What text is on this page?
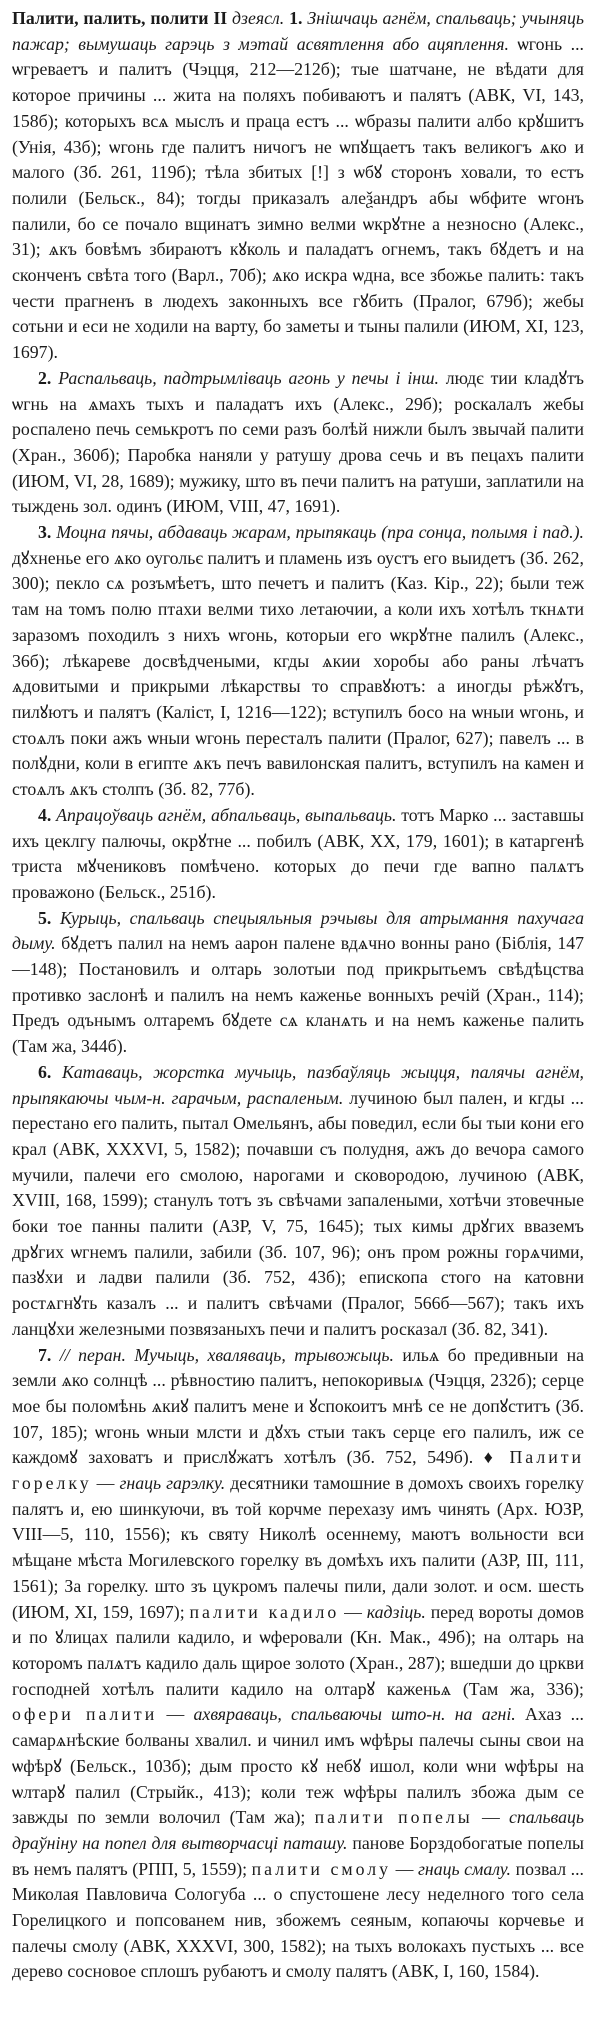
Палити, палить, полити II дзеясл. 1. Знішчаць агнём, спальваць; учыняць пажар; вымушаць гарэць з мэтай асвятлення або ацяплення. ѡгонь ... ѡгреваетъ и палитъ (Чэцця, 212—212б); тые шатчане, не вѣдати для которое причины ... жита на поляхъ побиваютъ и палятъ (АВК, VI, 143, 158б); которыхъ всѧ мыслъ и праца естъ ... ѡбразы палити албо крꙋшитъ (Унія, 43б); ѡгонь где палитъ ничогъ не ѡпꙋщаетъ такъ великогъ ѧко и малого (Зб. 261, 119б); тѣла збитых [!] з ѡбꙋ сторонъ ховали, то естъ полили (Бельск., 84); тогды приказалъ алеѯандръ абы ѡбфите ѡгонъ палили, бо се почало вщинатъ зимно велми ѡкрꙋтне а незносно (Алекс., 31); ѧкъ бовѣмъ збираютъ кꙋколь и паладатъ огнемъ, такъ бꙋдетъ и на сконченъ свѣта того (Варл., 70б); ѧко искра ѡдна, все збожье палить: такъ чести прагненъ в людехъ законныхъ все гꙋбить (Пралог, 679б); жебы сотьни и еси не ходили на варту, бо заметы и тыны палили (ИЮМ, XI, 123, 1697).

2. Распальваць, падтрымліваць агонь у печы і інш. людє тии кладꙋтъ ѡгнь на ѧмахъ тыхъ и паладатъ ихъ (Алекс., 29б); роскалалъ жебы роспалено печь семькротъ по семи разъ болѣй нижли былъ звычай палити (Хран., 360б); Паробка наняли у ратушу дрова сечь и въ пецахъ палити (ИЮМ, VI, 28, 1689); мужику, што въ печи палитъ на ратуши, заплатили на тыждень зол. одинъ (ИЮМ, VIII, 47, 1691).

3. Моцна пячы, абдаваць жарам, прыпякаць (пра сонца, полымя і пад.). дꙋхненье его ѧко оугольє палитъ и пламень изъ оустъ его выидетъ (Зб. 262, 300); пекло сѧ розъмѣетъ, што печетъ и палитъ (Каз. Кір., 22); были теж там на томъ полю птахи велми тихо летаючии, а коли ихъ хотѣлъ ткнѧти заразомъ походилъ з нихъ ѡгонь, которыи его ѡкрꙋтне палилъ (Алекс., 36б); лѣкареве досвѣдчеными, кгды ѧкии хоробы або раны лѣчатъ ѧдовитыми и прикрыми лѣкарствы то справꙋютъ: а иногды рѣжꙋтъ, пилꙋютъ и палятъ (Каліст, I, 1216—122); вступилъ босо на ѡныи ѡгонь, и стоѧлъ поки ажъ ѡныи ѡгонь пересталъ палити (Пралог, 627); павелъ ... в полꙋдни, коли в египте ѧкъ печъ вавилонская палитъ, вступилъ на камен и стоѧлъ ѧкъ столпъ (Зб. 82, 77б).

4. Апрацоўваць агнём, абпальваць, выпальваць. тотъ Марко ... заставшы ихъ цеклгу палючы, окрꙋтне ... побилъ (АВК, XX, 179, 1601); в катаргенѣ триста мꙋчениковъ помѣчено. которых до печи где вапно палѧтъ проважоно (Бельск., 251б).

5. Курыць, спальваць спецыяльныя рэчывы для атрымання пахучага дыму. бꙋдетъ палил на немъ аарон палене вдѧчно вонны рано (Біблія, 147—148); Постановилъ и олтарь золотыи под прикрытьемъ свѣдѣцства противко заслонѣ и палилъ на немъ каженье вонныхъ речій (Хран., 114); Предъ одънымъ олтаремъ бꙋдете сѧ кланѧть и на немъ каженье палить (Там жа, 344б).

6. Катаваць, жорстка мучыць, пазбаўляць жыцця, палячы агнём, прыпякаючы чым-н. гарачым, распаленым. лучиною был пален, и кгды ... перестано его палить, пытал Омельянъ, абы поведил, если бы тыи кони его крал (АВК, XXXVI, 5, 1582); почавши съ полудня, ажъ до вечора самого мучили, палечи его смолою, нарогами и сковородою, лучиною (АВК, XVIII, 168, 1599); станулъ тотъ зъ свѣчами запалеными, хотѣчи зтовечные боки тое панны палити (АЗР, V, 75, 1645); тых кимы дрꙋгих вваземъ дрꙋгих ѡгнемъ палили, забили (Зб. 107, 96); онъ пром рожны горѧчими, пазꙋхи и ладви палили (Зб. 752, 43б); епископа стого на катовни ростѧгнꙋть казалъ ... и палитъ свѣчами (Пралог, 566б—567); такъ ихъ ланцꙋхи железными позвязаныхъ печи и палитъ росказал (Зб. 82, 341).

7. // перан. Мучыць, хваляваць, трывожыць. ильѧ бо предивныи на земли ѧко солнцѣ ... рѣвностию палитъ, непокоривыѧ (Чэцця, 232б); серце мое бы поломѣнь ѧкиꙋ палитъ мене и ꙋспокоитъ мнѣ се не допꙋститъ (Зб. 107, 185); ѡгонь ѡныи млсти и дꙋхъ стыи такъ серце его палилъ, иж се каждомꙋ заховатъ и прислꙋжатъ хотѣлъ (Зб. 752, 549б). ♦ Палити горелку — гнаць гарэлку. десятники тамошние в домохъ своихъ горелку палятъ и, ею шинкуючи, въ той корчме перехазу имъ чинять (Арх. ЮЗР, VIII—5, 110, 1556); къ святу Николѣ осеннему, маютъ вольности вси мѣщане мѣста Могилевского горелку въ домѣхъ ихъ палити (АЗР, III, 111, 1561); За горелку. што зъ цукромъ палечы пили, дали золот. и осм. шесть (ИЮМ, XI, 159, 1697); палити кадило — кадзіць. перед вороты домов и по ꙋлицах палили кадило, и ѡферовали (Кн. Мак., 49б); на олтарь на которомъ палѧтъ кадило даль щирое золото (Хран., 287); вшедши до цркви господней хотѣлъ палити кадило на олтарꙋ каженьѧ (Там жа, 336); офери палити — ахвяраваць, спальваючы што-н. на агні. Ахаз ... самарѧнѣские болваны хвалил. и чинил имъ ѡфѣры палечы сыны свои на ѡфѣрꙋ (Бельск., 103б); дым просто кꙋ небꙋ ишол, коли ѡни ѡфѣры на ѡлтарꙋ палил (Стрыйк., 413); коли теж ѡфѣры палилъ збожа дым се завжды по земли волочил (Там жа); палити попелы — спальваць драўніну на попел для вытворчасці паташу. панове Борздобогатые попелы въ немъ палятъ (РПП, 5, 1559); палити смолу — гнаць смалу. позвал ... Миколая Павловича Сологуба ... о спустошене лесу неделного того села Горелицкого и попсованем нив, збожемъ сеяным, копаючы корчевье и палечы смолу (АВК, XXXVI, 300, 1582); на тыхъ волокахъ пустыхъ ... все дерево сосновое сплошъ рубаютъ и смолу палятъ (АВК, I, 160, 1584).
